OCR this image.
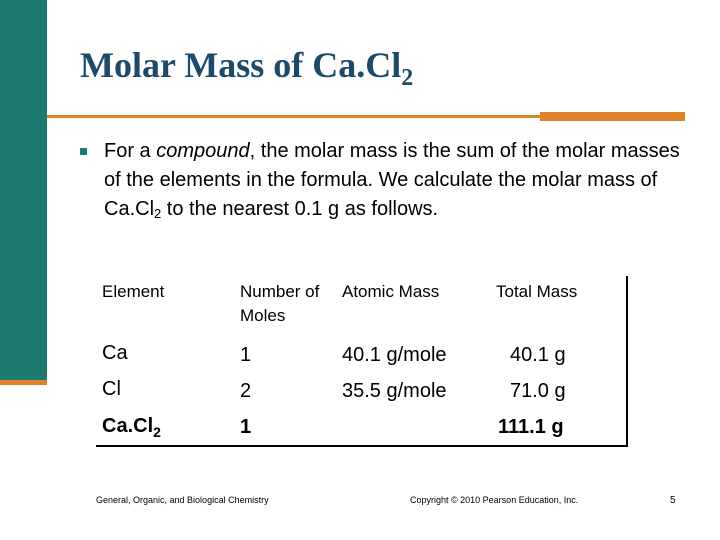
Molar Mass of $Ca.Cl_2$

For a compound, the molar mass is the sum of the molar masses of the elements in the formula. We calculate the molar mass of $Ca.Cl_2$ to the nearest 0.1 g as follows.

Element	Number of Moles	Atomic Mass	Total Mass
Ca	1	40.1 g/mole	40.1 g
Cl	2	35.5 g/mole	71.0 g
$Ca.Cl_2$	1		111.1 g
General, Organic, and Biological Chemistry	Copyright © 2010 Pearson Education, Inc.	5
